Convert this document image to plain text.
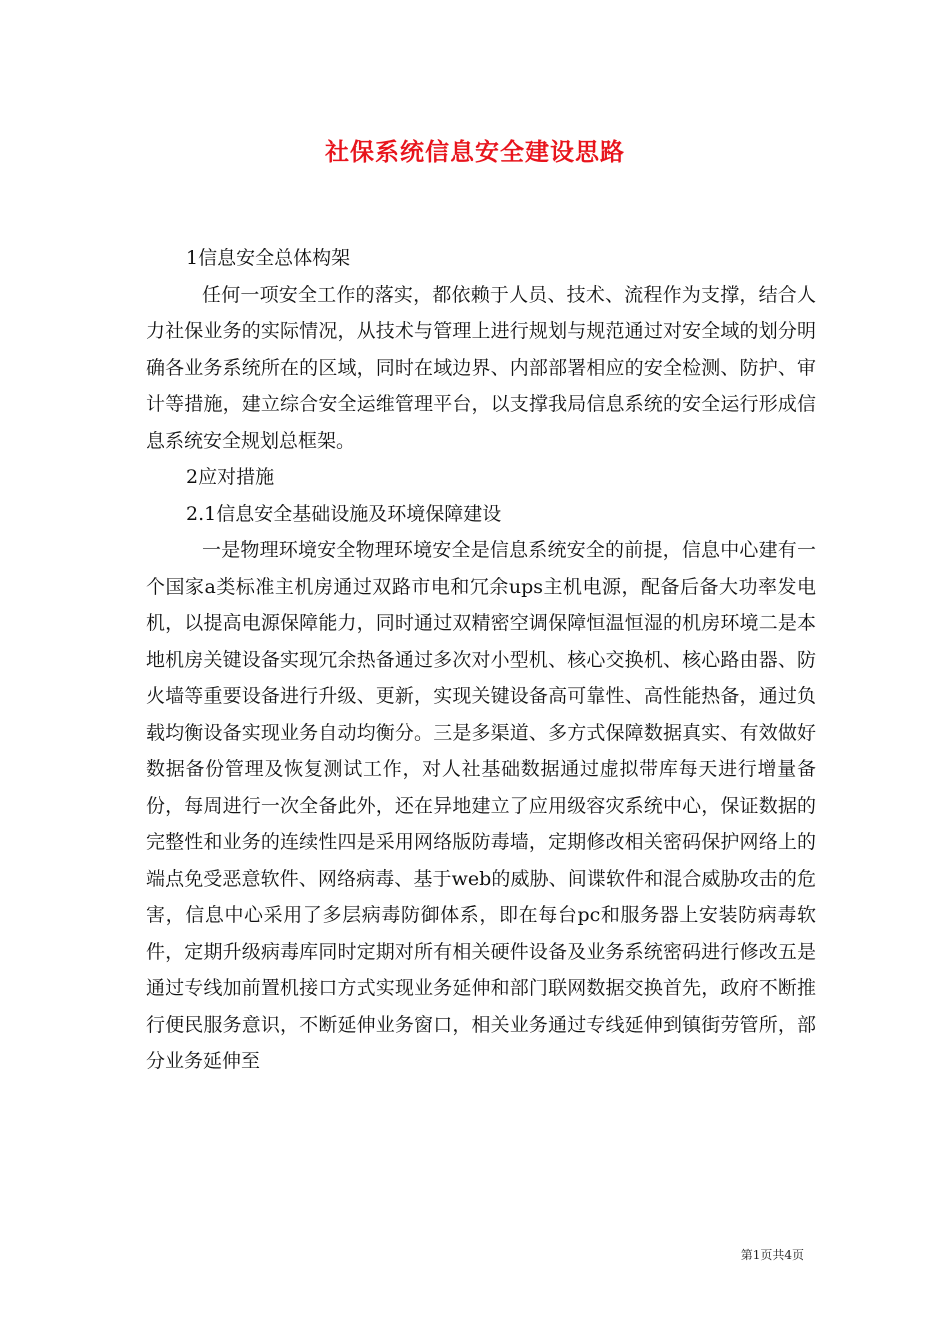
社保系统信息安全建设思路

1信息安全总体构架

任何一项安全工作的落实，都依赖于人员、技术、流程作为支撑，结合人力社保业务的实际情况，从技术与管理上进行规划与规范通过对安全域的划分明确各业务系统所在的区域，同时在域边界、内部部署相应的安全检测、防护、审计等措施，建立综合安全运维管理平台，以支撑我局信息系统的安全运行形成信息系统安全规划总框架。

2应对措施

2.1信息安全基础设施及环境保障建设

一是物理环境安全物理环境安全是信息系统安全的前提，信息中心建有一个国家a类标准主机房通过双路市电和冗余ups主机电源，配备后备大功率发电机，以提高电源保障能力，同时通过双精密空调保障恒温恒湿的机房环境二是本地机房关键设备实现冗余热备通过多次对小型机、核心交换机、核心路由器、防火墙等重要设备进行升级、更新，实现关键设备高可靠性、高性能热备，通过负载均衡设备实现业务自动均衡分。三是多渠道、多方式保障数据真实、有效做好数据备份管理及恢复测试工作，对人社基础数据通过虚拟带库每天进行增量备份，每周进行一次全备此外，还在异地建立了应用级容灾系统中心，保证数据的完整性和业务的连续性四是采用网络版防毒墙，定期修改相关密码保护网络上的端点免受恶意软件、网络病毒、基于web的威胁、间谍软件和混合威胁攻击的危害，信息中心采用了多层病毒防御体系，即在每台pc和服务器上安装防病毒软件，定期升级病毒库同时定期对所有相关硬件设备及业务系统密码进行修改五是通过专线加前置机接口方式实现业务延伸和部门联网数据交换首先，政府不断推行便民服务意识，不断延伸业务窗口，相关业务通过专线延伸到镇街劳管所，部分业务延伸至

第1页共4页
